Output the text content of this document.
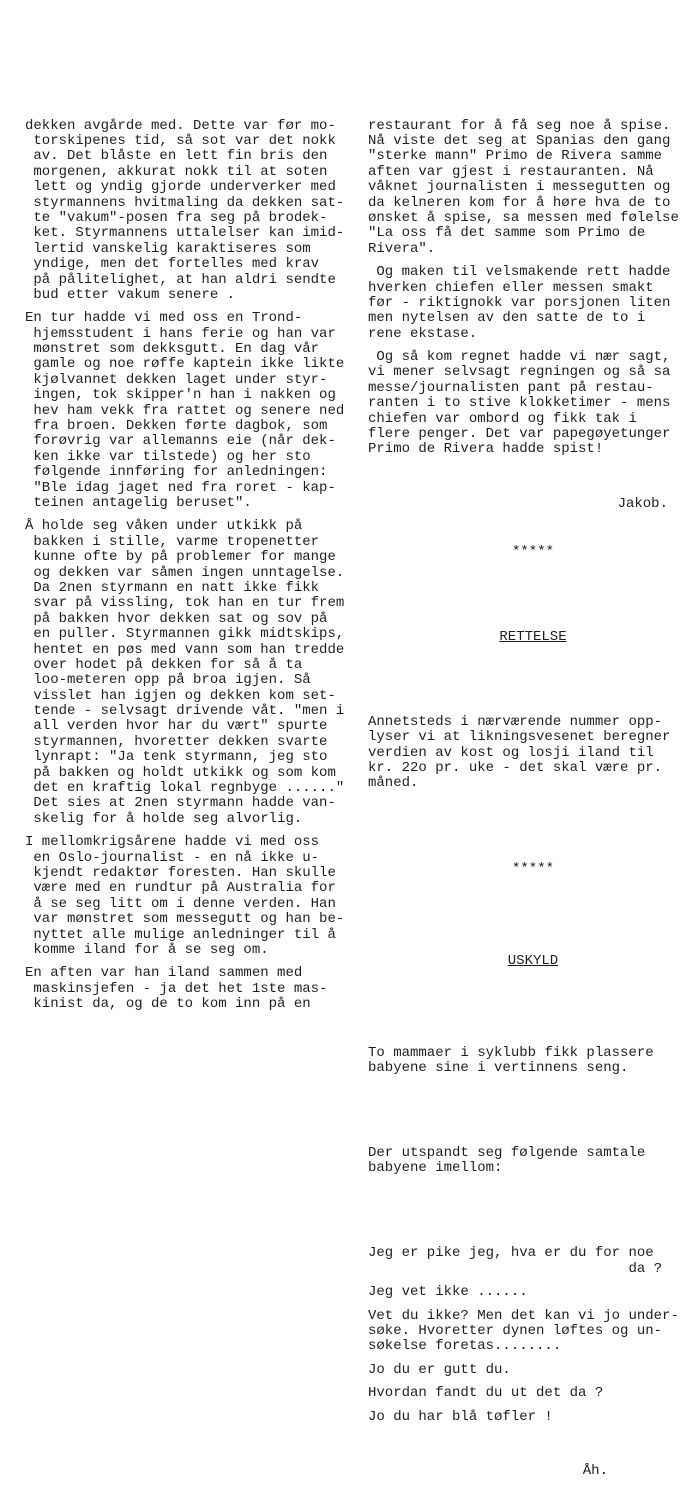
dekken avgårde med. Dette var før mo-
torskipenes tid, så sot var det nokk
av. Det blåste en lett fin bris den
morgenen, akkurat nokk til at soten
lett og yndig gjorde underverker med
styrmannens hvitmaling da dekken sat-
te "vakum"-posen fra seg på brodek-
ket. Styrmannens uttalelser kan imid-
lertid vanskelig karaktiseres som
yndige, men det fortelles med krav
på pålitelighet, at han aldri sendte
bud etter vakum senere .
En tur hadde vi med oss en Trond-
hjemsstudent i hans ferie og han var
mønstret som dekksgutt. En dag vår
gamle og noe røffe kaptein ikke likte
kjølvannet dekken laget under styr-
ingen, tok skipper'n han i nakken og
hev ham vekk fra rattet og senere ned
fra broen. Dekken førte dagbok, som
forøvrig var allemanns eie (når dek-
ken ikke var tilstede) og her sto
følgende innføring for anledningen:
"Ble idag jaget ned fra roret - kap-
teinen antagelig beruset".
Å holde seg våken under utkikk på
bakken i stille, varme tropenetter
kunne ofte by på problemer for mange
og dekken var såmen ingen unntagelse.
Da 2nen styrmann en natt ikke fikk
svar på vissling, tok han en tur frem
på bakken hvor dekken sat og sov på
en puller. Styrmannen gikk midtskips,
hentet en pøs med vann som han tredde
over hodet på dekken for så å ta
loo-meteren opp på broa igjen. Så
visslet han igjen og dekken kom set-
tende - selvsagt drivende våt. "men i
all verden hvor har du vært" spurte
styrmannen, hvoretter dekken svarte
lynrapt: "Ja tenk styrmann, jeg sto
på bakken og holdt utkikk og som kom
det en kraftig lokal regnbyge ......"
Det sies at 2nen styrmann hadde van-
skelig for å holde seg alvorlig.
I mellomkrigsårene hadde vi med oss
en Oslo-journalist - en nå ikke u-
kjendt redaktør foresten. Han skulle
være med en rundtur på Australia for
å se seg litt om i denne verden. Han
var mønstret som messegutt og han be-
nyttet alle mulige anledninger til å
komme iland for å se seg om.
En aften var han iland sammen med
maskinsjefen - ja det het 1ste mas-
kinist da, og de to kom inn på en

restaurant for å få seg noe å spise.
Nå viste det seg at Spanias den gang
"sterke mann" Primo de Rivera samme
aften var gjest i restauranten. Nå
våknet journalisten i messegutten og
da kelneren kom for å høre hva de to
ønsket å spise, sa messen med følelse
"La oss få det samme som Primo de
Rivera".
Og maken til velsmakende rett hadde
hverken chiefen eller messen smakt
før - riktignokk var porsjonen liten
men nytelsen av den satte de to i
rene ekstase.
Og så kom regnet hadde vi nær sagt,
vi mener selvsagt regningen og så sa
messe/journalisten pant på restau-
ranten i to stive klokketimer - mens
chiefen var ombord og fikk tak i
flere penger. Det var papegøyetunger
Primo de Rivera hadde spist!

Jakob.

*****

RETTELSE

Annetsteds i nærværende nummer opp-
lyser vi at likningsvesenet beregner
verdien av kost og losji iland til
kr. 22o pr. uke - det skal være pr.
måned.

*****

USKYLD

To mammaer i syklubb fikk plassere
babyene sine i vertinnens seng.

Der utspandt seg følgende samtale
babyene imellom:

Jeg er pike jeg, hva er du for noe
da ?
Jeg vet ikke ......
Vet du ikke? Men det kan vi jo under-
søke. Hvoretter dynen løftes og un-
søkelse foretas........
Jo du er gutt du.
Hvordan fandt du ut det da ?
Jo du har blå tøfler !

Åh.
